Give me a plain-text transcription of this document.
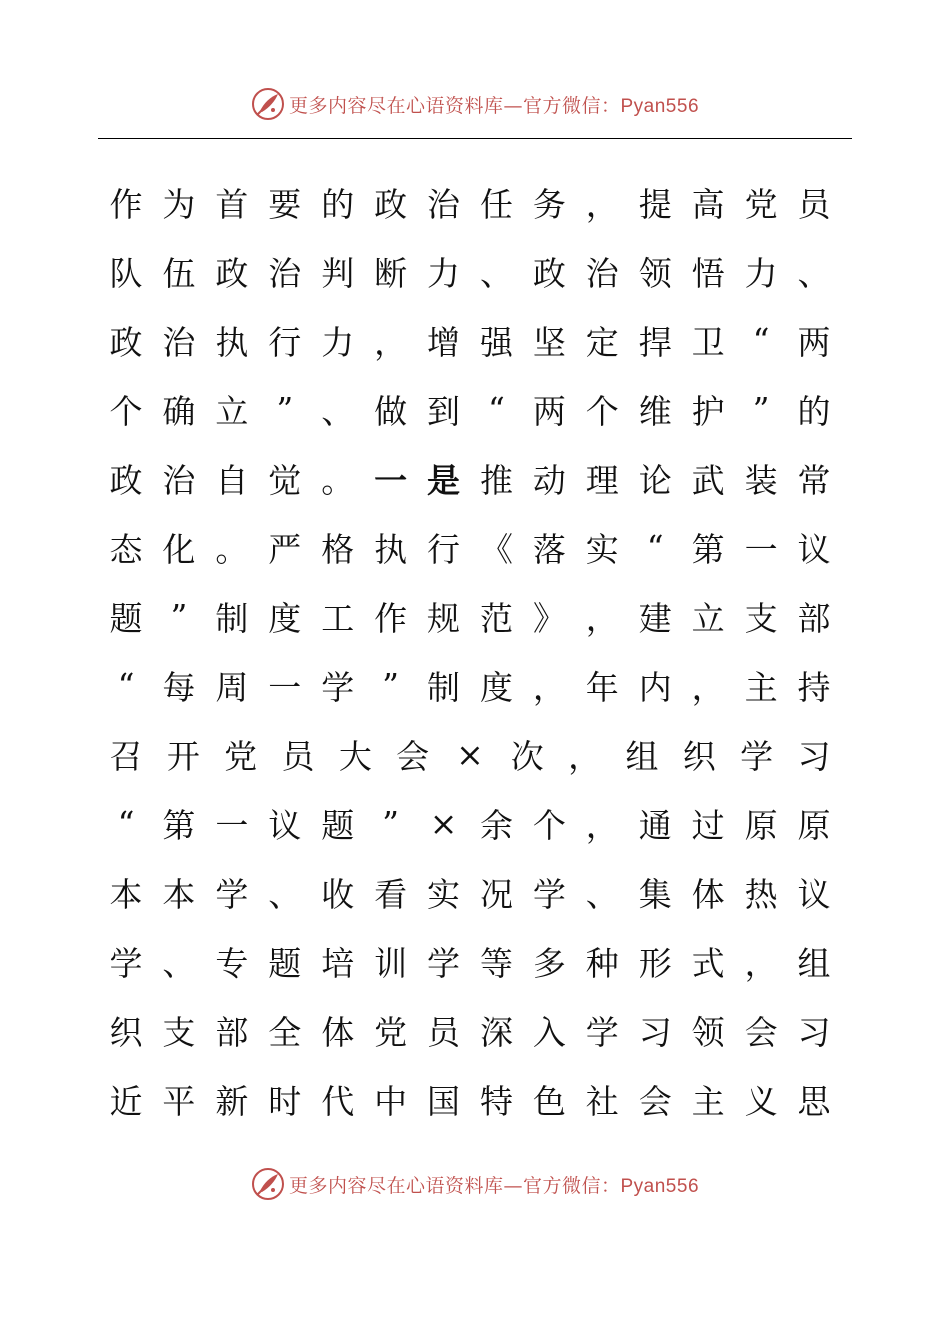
更多内容尽在心语资料库—官方微信：Pyan556
作 为 首 要 的 政 治 任 务 ， 提 高 党 员
队 伍 政 治 判 断 力 、 政 治 领 悟 力 、
政 治 执 行 力 ， 增 强 坚 定 捍 卫 “ 两
个 确 立 ” 、 做 到 “ 两 个 维 护 ” 的
政 治 自 觉 。 一 是 推 动 理 论 武 装 常
态 化 。 严 格 执 行 《 落 实 “ 第 一 议
题 ” 制 度 工 作 规 范 》 ， 建 立 支 部
“ 每 周 一 学 ” 制 度 ， 年 内 ， 主 持
召 开 党 员 大 会 × 次 ， 组 织 学 习
“ 第 一 议 题 ” × 余 个 ， 通 过 原 原
本 本 学 、 收 看 实 况 学 、 集 体 热 议
学 、 专 题 培 训 学 等 多 种 形 式 ， 组
织 支 部 全 体 党 员 深 入 学 习 领 会 习
近 平 新 时 代 中 国 特 色 社 会 主 义 思
更多内容尽在心语资料库—官方微信：Pyan556
